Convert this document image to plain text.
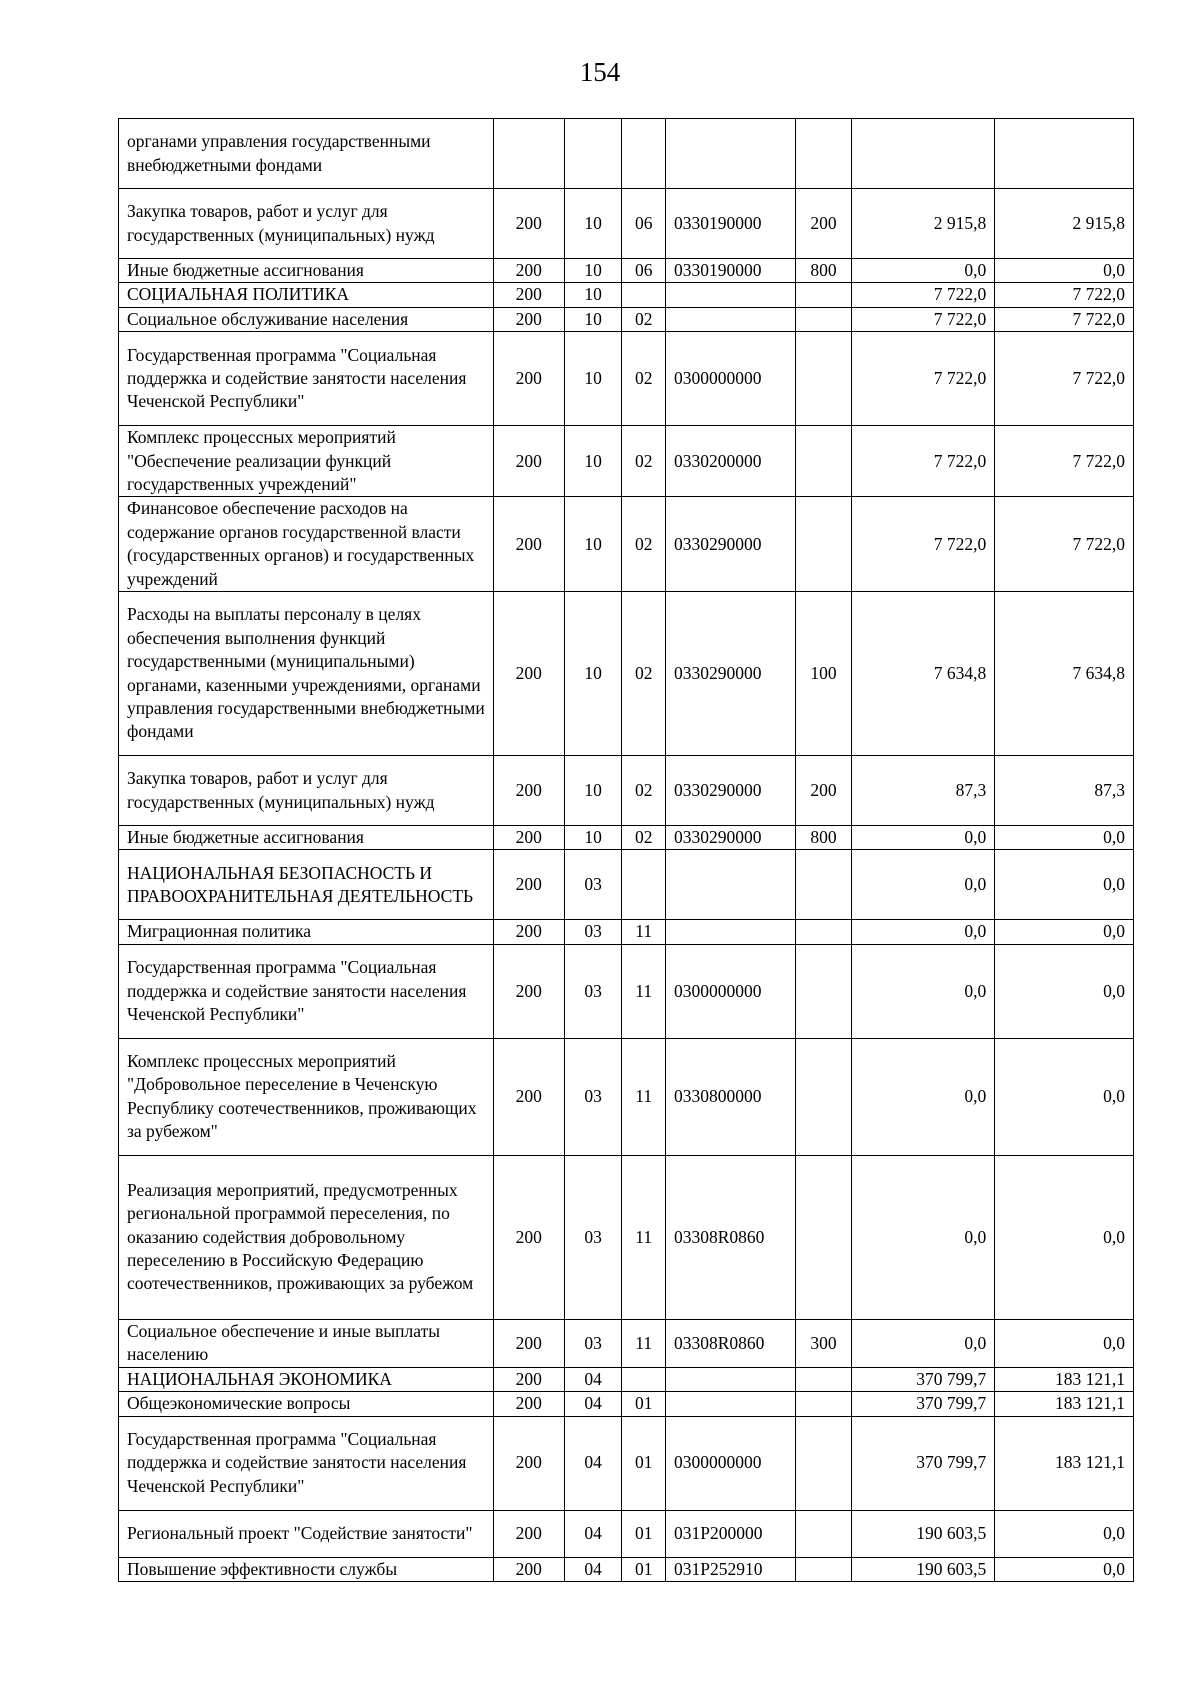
154
органами управления государственными внебюджетными фондами							
Закупка товаров, работ и услуг для государственных (муниципальных) нужд	200	10	06	0330190000	200	2 915,8	2 915,8
Иные бюджетные ассигнования	200	10	06	0330190000	800	0,0	0,0
СОЦИАЛЬНАЯ ПОЛИТИКА	200	10				7 722,0	7 722,0
Социальное обслуживание населения	200	10	02			7 722,0	7 722,0
Государственная программа "Социальная поддержка и содействие занятости населения Чеченской Республики"	200	10	02	0300000000		7 722,0	7 722,0
Комплекс процессных мероприятий "Обеспечение реализации функций государственных учреждений"	200	10	02	0330200000		7 722,0	7 722,0
Финансовое обеспечение расходов на содержание органов государственной власти (государственных органов) и государственных учреждений	200	10	02	0330290000		7 722,0	7 722,0
Расходы на выплаты персоналу в целях обеспечения выполнения функций государственными (муниципальными) органами, казенными учреждениями, органами управления государственными внебюджетными фондами	200	10	02	0330290000	100	7 634,8	7 634,8
Закупка товаров, работ и услуг для государственных (муниципальных) нужд	200	10	02	0330290000	200	87,3	87,3
Иные бюджетные ассигнования	200	10	02	0330290000	800	0,0	0,0
НАЦИОНАЛЬНАЯ БЕЗОПАСНОСТЬ И ПРАВООХРАНИТЕЛЬНАЯ ДЕЯТЕЛЬНОСТЬ	200	03				0,0	0,0
Миграционная политика	200	03	11			0,0	0,0
Государственная программа "Социальная поддержка и содействие занятости населения Чеченской Республики"	200	03	11	0300000000		0,0	0,0
Комплекс процессных мероприятий "Добровольное переселение в Чеченскую Республику соотечественников, проживающих за рубежом"	200	03	11	0330800000		0,0	0,0
Реализация мероприятий, предусмотренных региональной программой переселения, по оказанию содействия добровольному переселению в Российскую Федерацию соотечественников, проживающих за рубежом	200	03	11	03308R0860		0,0	0,0
Социальное обеспечение и иные выплаты населению	200	03	11	03308R0860	300	0,0	0,0
НАЦИОНАЛЬНАЯ ЭКОНОМИКА	200	04				370 799,7	183 121,1
Общеэкономические вопросы	200	04	01			370 799,7	183 121,1
Государственная программа "Социальная поддержка и содействие занятости населения Чеченской Республики"	200	04	01	0300000000		370 799,7	183 121,1
Региональный проект "Содействие занятости"	200	04	01	031P200000		190 603,5	0,0
Повышение эффективности службы	200	04	01	031P252910		190 603,5	0,0
